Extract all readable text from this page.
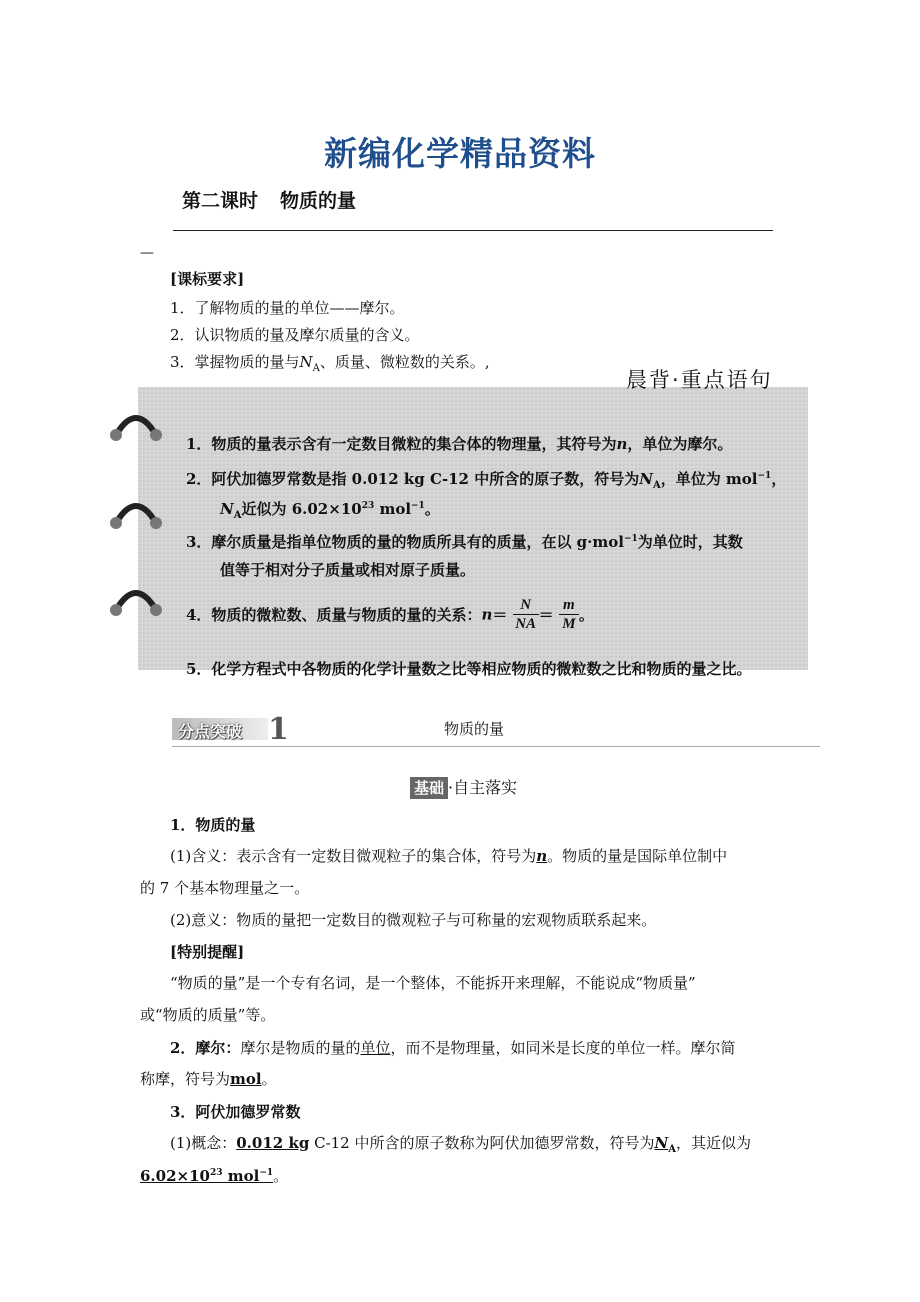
新编化学精品资料
第二课时 物质的量
—
[课标要求]
1．了解物质的量的单位——摩尔。
2．认识物质的量及摩尔质量的含义。
3．掌握物质的量与$N_A$、质量、微粒数的关系。,
晨背·重点语句
1．物质的量表示含有一定数目微粒的集合体的物理量，其符号为n，单位为摩尔。
2．阿伏加德罗常数是指 0.012 kg C-12 中所含的原子数，符号为$N_A$，单位为 mol$^{-1}$，
$N_A$近似为 $6.02\times 10^{23}$ mol$^{-1}$。
3．摩尔质量是指单位物质的量的物质所具有的质量，在以 g·mol$^{-1}$为单位时，其数
值等于相对分子质量或相对原子质量。
4．物质的微粒数、质量与物质的量的关系：$n= \frac{N}{NA} = \frac{m}{M}$ 。
5．化学方程式中各物质的化学计量数之比等相应物质的微粒数之比和物质的量之比。
分点突破 1	物质的量
基础 ·自主落实
1．物质的量
(1)含义：表示含有一定数目微观粒子的集合体，符号为n。物质的量是国际单位制中
的 7 个基本物理量之一。
(2)意义：物质的量把一定数目的微观粒子与可称量的宏观物质联系起来。
[特别提醒]
“物质的量”是一个专有名词，是一个整体，不能拆开来理解，不能说成“物质量”
或“物质的质量”等。
2．摩尔：摩尔是物质的量的单位，而不是物理量，如同米是长度的单位一样。摩尔简
称摩，符号为mol。
3．阿伏加德罗常数
(1)概念：0.012 kg C-12 中所含的原子数称为阿伏加德罗常数，符号为$N_A$，其近似为
$6.02\times 10^{23}$ mol$^{-1}$。
